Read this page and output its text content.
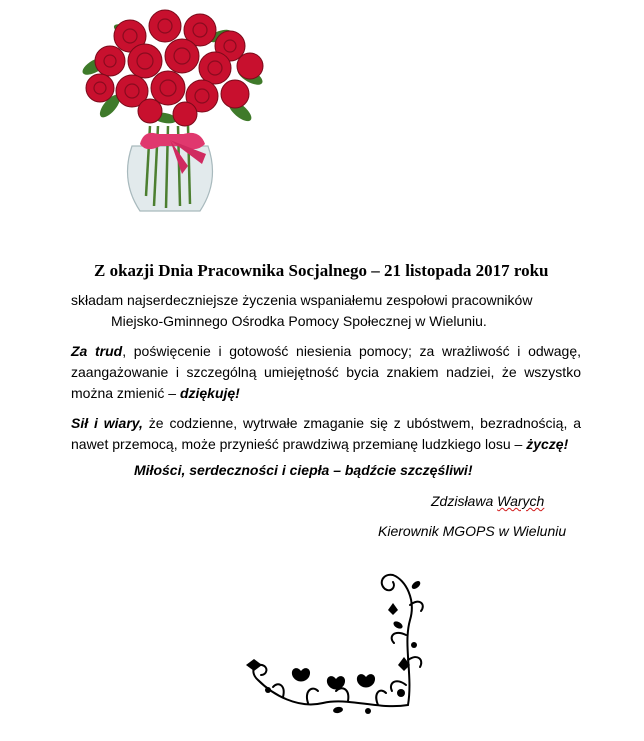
Z okazji Dnia Pracownika Socjalnego – 21 listopada 2017 roku
składam najserdeczniejsze życzenia wspaniałemu zespołowi pracowników
Miejsko-Gminnego Ośrodka Pomocy Społecznej w Wieluniu.
Za trud, poświęcenie i gotowość niesienia pomocy; za wrażliwość i odwagę, zaangażowanie i szczególną umiejętność bycia znakiem nadziei, że wszystko można zmienić – dziękuję!
Sił i wiary, że codzienne, wytrwałe zmaganie się z ubóstwem, bezradnością, a nawet przemocą, może przynieść prawdziwą przemianę ludzkiego losu – życzę!
Miłości, serdeczności i ciepła – bądźcie szczęśliwi!
Zdzisława Warych
Kierownik MGOPS w Wieluniu
